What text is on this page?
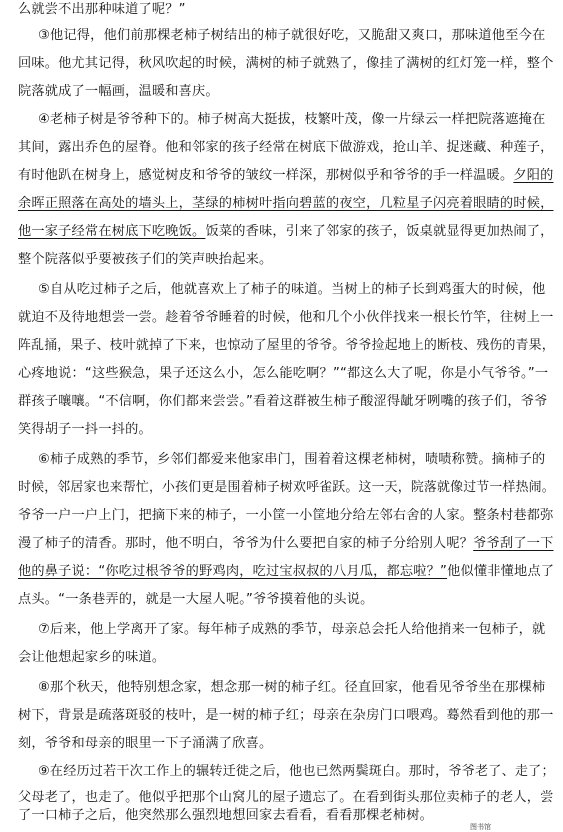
么就尝不出那种味道了呢？”
③他记得，他们前那棵老柿子树结出的柿子就很好吃，又脆甜又爽口，那味道他至今在
回味。他尤其记得，秋风吹起的时候，满树的柿子就熟了，像挂了满树的红灯笼一样，整个
院落就成了一幅画，温暖和喜庆。
④老柿子树是爷爷种下的。柿子树高大挺拔，枝繁叶茂，像一片绿云一样把院落遮掩在
其间，露出乔色的屋脊。他和邻家的孩子经常在树底下做游戏，抢山羊、捉迷藏、种莲子，
有时他趴在树身上，感觉树皮和爷爷的皱纹一样深，那树似乎和爷爷的手一样温暖。夕阳的
余晖正照落在高处的墙头上，茎绿的柿树叶指向碧蓝的夜空，几粒星子闪亮着眼睛的时候，
他一家子经常在树底下吃晚饭。饭菜的香味，引来了邻家的孩子，饭桌就显得更加热闹了，
整个院落似乎要被孩子们的笑声映抬起来。
⑤自从吃过柿子之后，他就喜欢上了柿子的味道。当树上的柿子长到鸡蛋大的时候，他
就迫不及待地想尝一尝。趁着爷爷睡着的时候，他和几个小伙伴找来一根长竹竿，往树上一
阵乱捅，果子、枝叶就掉了下来，也惊动了屋里的爷爷。爷爷捡起地上的断枝、残伤的青果，
心疼地说：“这些猴急，果子还这么小，怎么能吃啊？”“都这么大了呢，你是小气爷爷。”一
群孩子嚷嚷。“不信啊，你们都来尝尝。”看着这群被生柿子酸涩得龇牙咧嘴的孩子们，爷爷
笑得胡子一抖一抖的。
⑥柿子成熟的季节，乡邻们都爱来他家串门，围着着这棵老柿树，啧啧称赞。摘柿子的
时候，邻居家也来帮忙，小孩们更是围着柿子树欢呼雀跃。这一天，院落就像过节一样热闹。
爷爷一户一户上门，把摘下来的柿子，一小筐一小筐地分给左邻右舍的人家。整条村巷都弥
漫了柿子的清香。那时，他不明白，爷爷为什么要把自家的柿子分给别人呢？爷爷刮了一下
他的鼻子说：“你吃过根爷爷的野鸡肉，吃过宝叔叔的八月瓜，都忘啦？”他似懂非懂地点了
点头。“一条巷弄的，就是一大屋人呢。”爷爷摸着他的头说。
⑦后来，他上学离开了家。每年柿子成熟的季节，母亲总会托人给他捎来一包柿子，就
会让他想起家乡的味道。
⑧那个秋天，他特别想念家，想念那一树的柿子红。径直回家，他看见爷爷坐在那棵柿
树下，背景是疏落斑驳的枝叶，是一树的柿子红；母亲在杂房门口喂鸡。蓦然看到他的那一
刻，爷爷和母亲的眼里一下子涌满了欣喜。
⑨在经历过若干次工作上的辗转迁徙之后，他也已然两鬓斑白。那时，爷爷老了、走了；
父母老了，也走了。他似乎把那个山窝儿的屋子遗忘了。在看到街头那位卖柿子的老人，尝
了一口柿子之后，他突然那么强烈地想回家去看看，看看那棵老柿树。
图书馆
